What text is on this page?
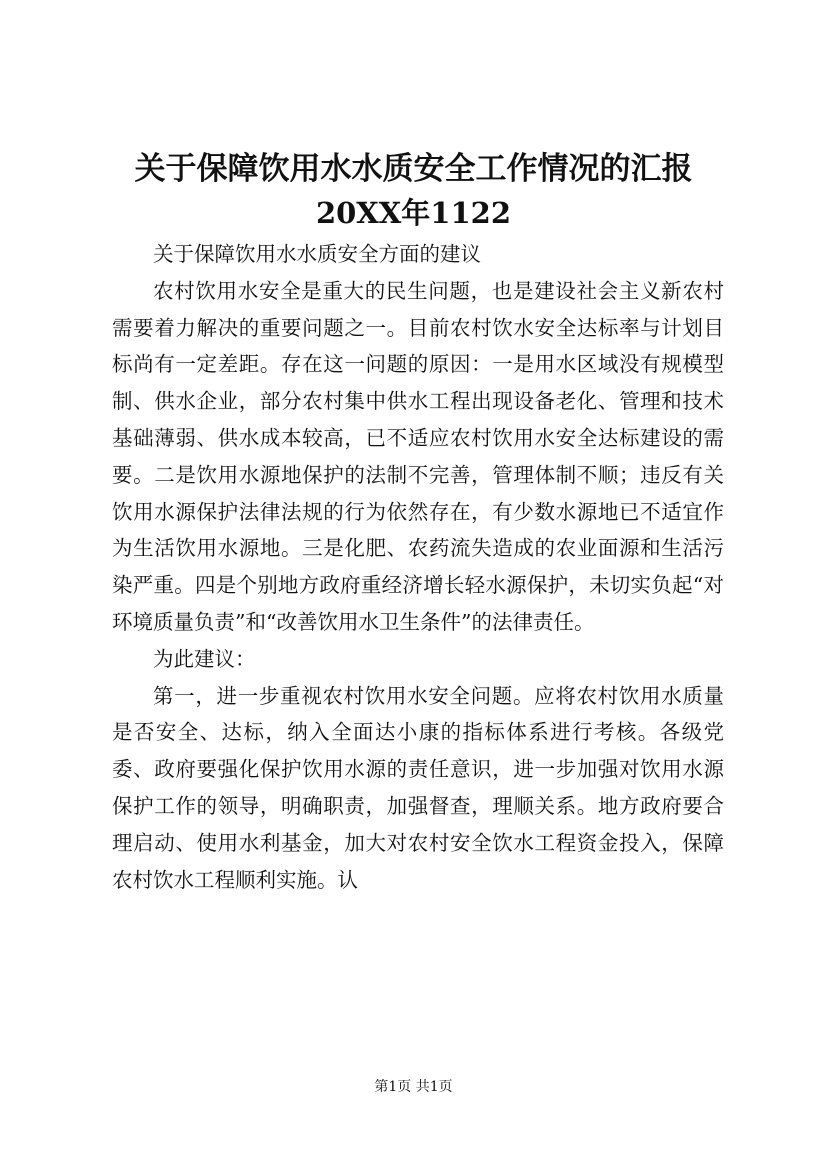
关于保障饮用水水质安全工作情况的汇报
20XX年1122

关于保障饮用水水质安全方面的建议

农村饮用水安全是重大的民生问题，也是建设社会主义新农村需要着力解决的重要问题之一。目前农村饮水安全达标率与计划目标尚有一定差距。存在这一问题的原因：一是用水区域没有规模型制、供水企业，部分农村集中供水工程出现设备老化、管理和技术基础薄弱、供水成本较高，已不适应农村饮用水安全达标建设的需要。二是饮用水源地保护的法制不完善，管理体制不顺；违反有关饮用水源保护法律法规的行为依然存在，有少数水源地已不适宜作为生活饮用水源地。三是化肥、农药流失造成的农业面源和生活污染严重。四是个别地方政府重经济增长轻水源保护，未切实负起“对环境质量负责”和“改善饮用水卫生条件”的法律责任。

为此建议：

第一，进一步重视农村饮用水安全问题。应将农村饮用水质量是否安全、达标，纳入全面达小康的指标体系进行考核。各级党委、政府要强化保护饮用水源的责任意识，进一步加强对饮用水源保护工作的领导，明确职责，加强督查，理顺关系。地方政府要合理启动、使用水利基金，加大对农村安全饮水工程资金投入，保障农村饮水工程顺利实施。认

第1页 共1页
